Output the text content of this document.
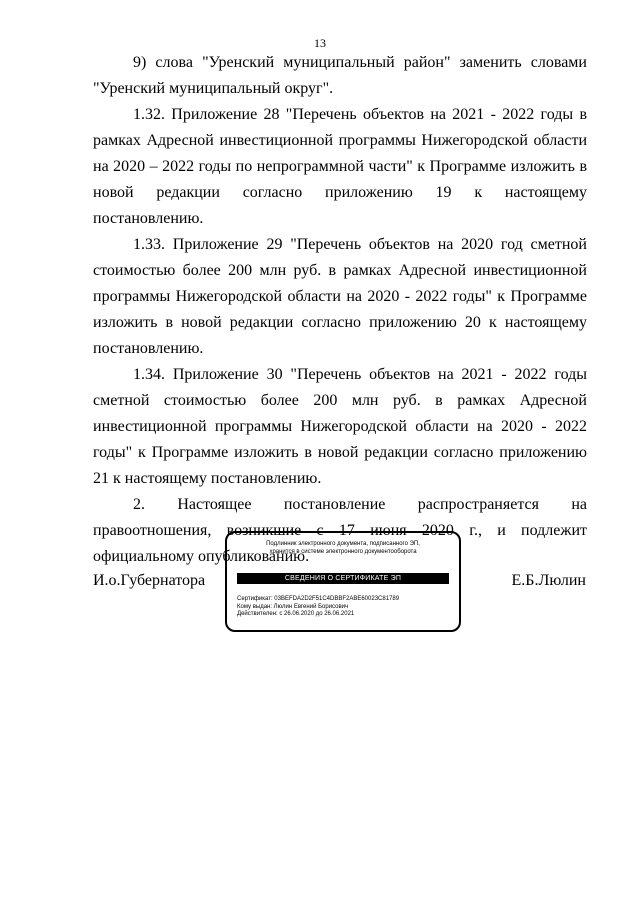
13

9) слова "Уренский муниципальный район" заменить словами "Уренский муниципальный округ".

1.32. Приложение 28 "Перечень объектов на 2021 - 2022 годы в рамках Адресной инвестиционной программы Нижегородской области на 2020 – 2022 годы по непрограммной части" к Программе изложить в новой редакции согласно приложению 19 к настоящему постановлению.

1.33. Приложение 29 "Перечень объектов на 2020 год сметной стоимостью более 200 млн руб. в рамках Адресной инвестиционной программы Нижегородской области на 2020 - 2022 годы" к Программе изложить в новой редакции согласно приложению 20 к настоящему постановлению.

1.34. Приложение 30 "Перечень объектов на 2021 - 2022 годы сметной стоимостью более 200 млн руб. в рамках Адресной инвестиционной программы Нижегородской области на 2020 - 2022 годы" к Программе изложить в новой редакции согласно приложению 21 к настоящему постановлению.

2. Настоящее постановление распространяется на правоотношения, возникшие с 17 июня 2020 г., и подлежит официальному опубликованию.

И.о.Губернатора	Е.Б.Люлин
Подлинник электронного документа, подписанного ЭП,
хранится в системе электронного документооборота
СВЕДЕНИЯ О СЕРТИФИКАТЕ ЭП
Сертификат: 03BEFDA2D2F51C4DBBF2ABE60023C81789
Кому выдан: Люлин Евгений Борисович
Действителен: с 26.06.2020 до 26.06.2021
